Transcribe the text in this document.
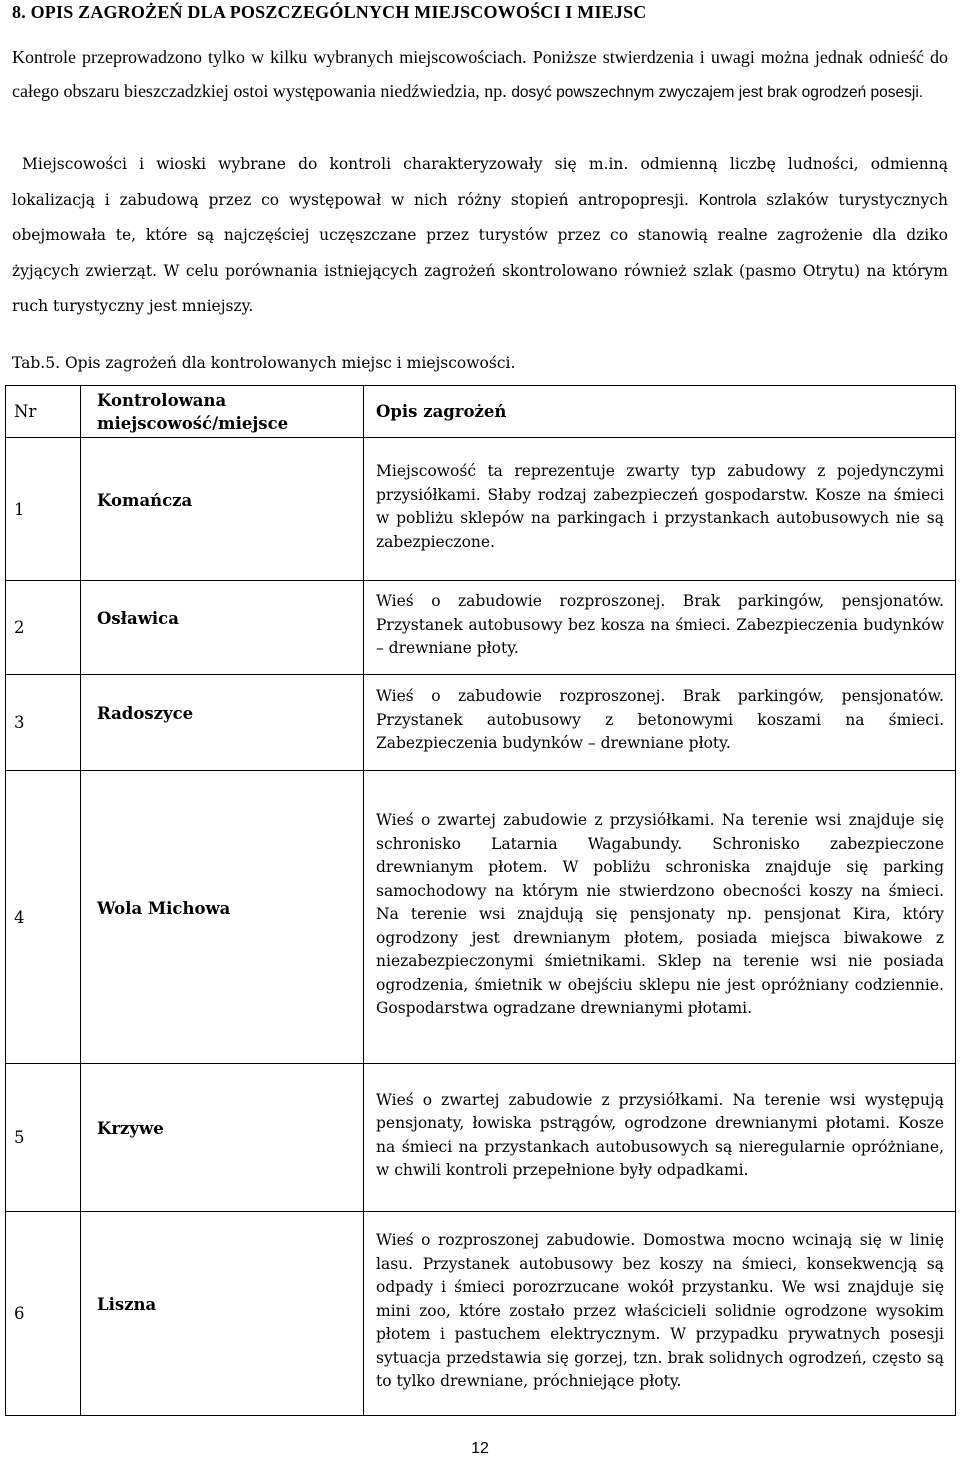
8. OPIS ZAGROŻEŃ DLA POSZCZEGÓLNYCH MIEJSCOWOŚCI I MIEJSC
Kontrole przeprowadzono tylko w kilku wybranych miejscowościach. Poniższe stwierdzenia i uwagi można jednak odnieść do całego obszaru bieszczadzkiej ostoi występowania niedźwiedzia, np. dosyć powszechnym zwyczajem jest brak ogrodzeń posesji.
Miejscowości i wioski wybrane do kontroli charakteryzowały się m.in. odmienną liczbę ludności, odmienną lokalizacją i zabudową przez co występował w nich różny stopień antropopresji. Kontrola szlaków turystycznych obejmowała te, które są najczęściej uczęszczane przez turystów przez co stanowią realne zagrożenie dla dziko żyjących zwierząt. W celu porównania istniejących zagrożeń skontrolowano również szlak (pasmo Otrytu) na którym ruch turystyczny jest mniejszy.
Tab.5. Opis zagrożeń dla kontrolowanych miejsc i miejscowości.
Nr	Kontrolowana miejscowość/miejsce	Opis zagrożeń
1	Komańcza	Miejscowość ta reprezentuje zwarty typ zabudowy z pojedynczymi przysiółkami. Słaby rodzaj zabezpieczeń gospodarstw. Kosze na śmieci w pobliżu sklepów na parkingach i przystankach autobusowych nie są zabezpieczone.
2	Osławica	Wieś o zabudowie rozproszonej. Brak parkingów, pensjonatów. Przystanek autobusowy bez kosza na śmieci. Zabezpieczenia budynków – drewniane płoty.
3	Radoszyce	Wieś o zabudowie rozproszonej. Brak parkingów, pensjonatów. Przystanek autobusowy z betonowymi koszami na śmieci. Zabezpieczenia budynków – drewniane płoty.
4	Wola Michowa	Wieś o zwartej zabudowie z przysiółkami. Na terenie wsi znajduje się schronisko Latarnia Wagabundy. Schronisko zabezpieczone drewnianym płotem. W pobliżu schroniska znajduje się parking samochodowy na którym nie stwierdzono obecności koszy na śmieci. Na terenie wsi znajdują się pensjonaty np. pensjonat Kira, który ogrodzony jest drewnianym płotem, posiada miejsca biwakowe z niezabezpieczonymi śmietnikami. Sklep na terenie wsi nie posiada ogrodzenia, śmietnik w obejściu sklepu nie jest opróżniany codziennie. Gospodarstwa ogradzane drewnianymi płotami.
5	Krzywe	Wieś o zwartej zabudowie z przysiółkami. Na terenie wsi występują pensjonaty, łowiska pstrągów, ogrodzone drewnianymi płotami. Kosze na śmieci na przystankach autobusowych są nieregularnie opróżniane, w chwili kontroli przepełnione były odpadkami.
6	Liszna	Wieś o rozproszonej zabudowie. Domostwa mocno wcinają się w linię lasu. Przystanek autobusowy bez koszy na śmieci, konsekwencją są odpady i śmieci porozrzucane wokół przystanku. We wsi znajduje się mini zoo, które zostało przez właścicieli solidnie ogrodzone wysokim płotem i pastuchem elektrycznym. W przypadku prywatnych posesji sytuacja przedstawia się gorzej, tzn. brak solidnych ogrodzeń, często są to tylko drewniane, próchniejące płoty.
12
